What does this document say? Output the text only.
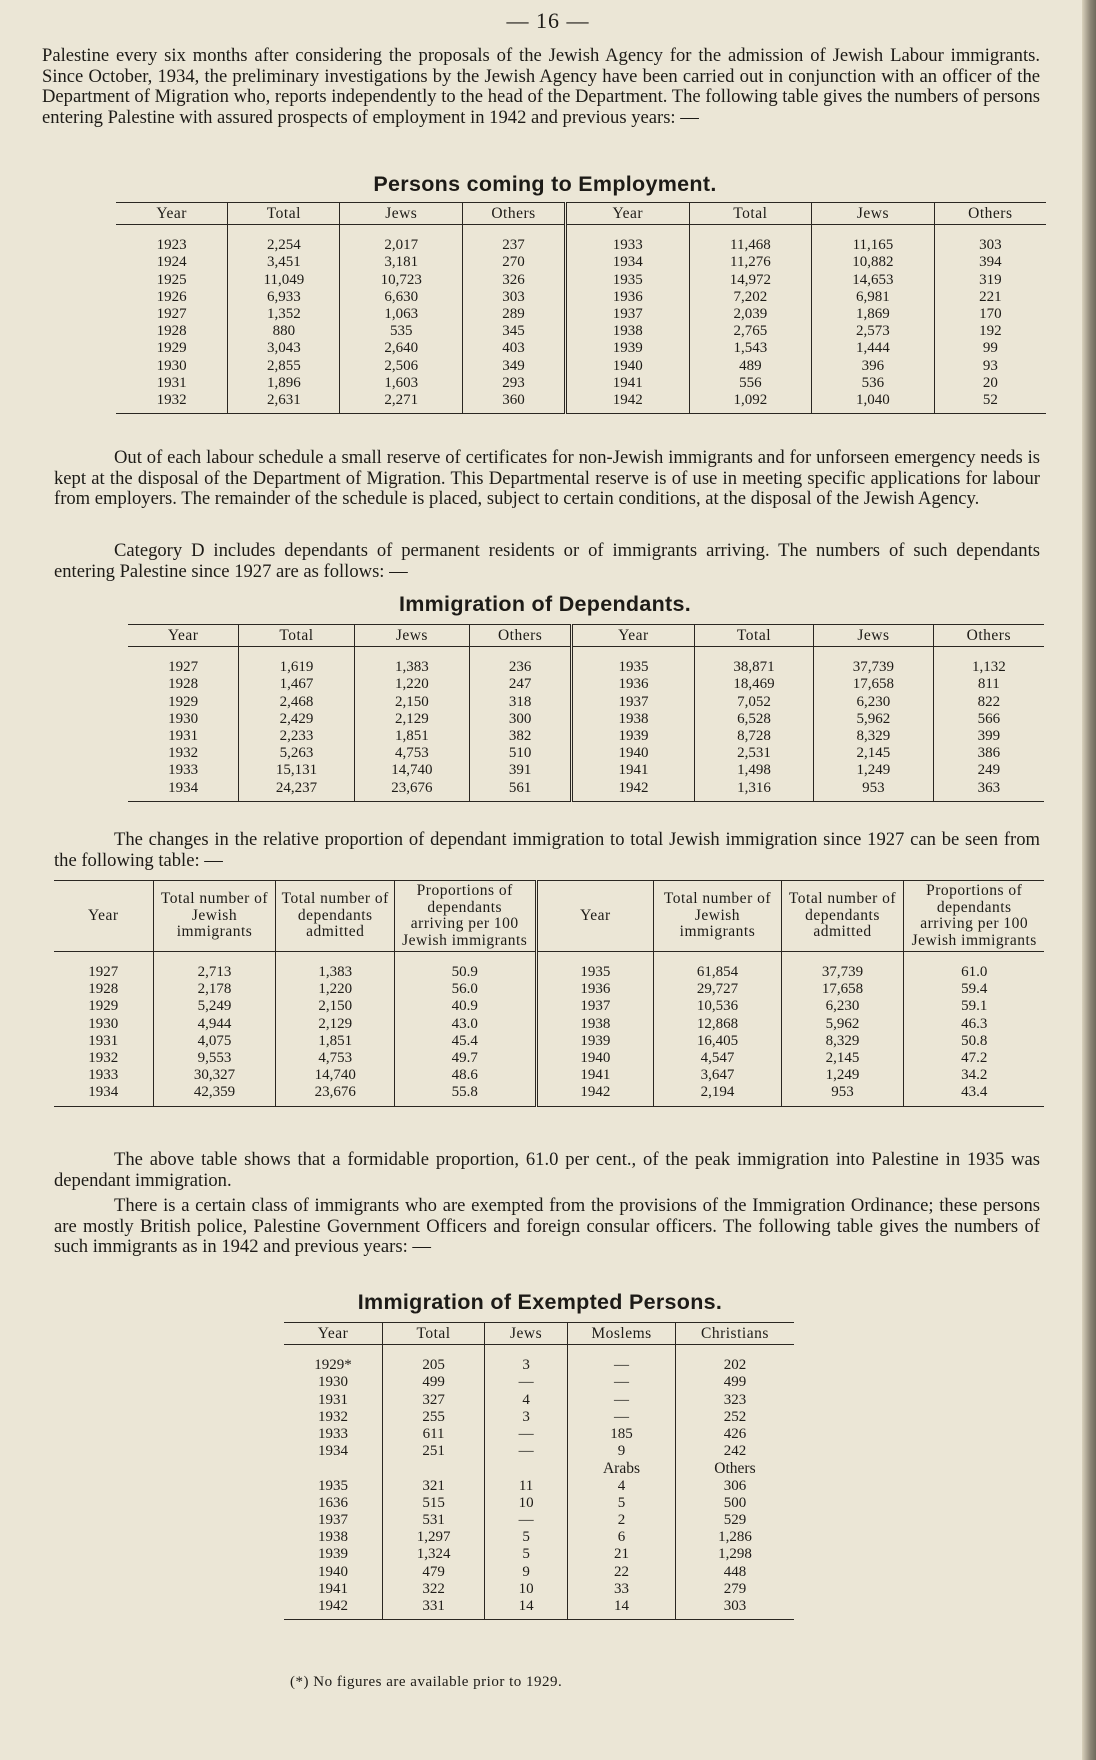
— 16 —

Palestine every six months after considering the proposals of the Jewish Agency for the admission of Jewish Labour immigrants. Since October, 1934, the preliminary investigations by the Jewish Agency have been carried out in conjunction with an officer of the Department of Migration who, reports independently to the head of the Department. The following table gives the numbers of persons entering Palestine with assured prospects of employment in 1942 and previous years: —

Persons coming to Employment.
Year	Total	Jews	Others	Year	Total	Jews	Others
1923	2,254	2,017	237	1933	11,468	11,165	303
1924	3,451	3,181	270	1934	11,276	10,882	394
1925	11,049	10,723	326	1935	14,972	14,653	319
1926	6,933	6,630	303	1936	7,202	6,981	221
1927	1,352	1,063	289	1937	2,039	1,869	170
1928	880	535	345	1938	2,765	2,573	192
1929	3,043	2,640	403	1939	1,543	1,444	99
1930	2,855	2,506	349	1940	489	396	93
1931	1,896	1,603	293	1941	556	536	20
1932	2,631	2,271	360	1942	1,092	1,040	52

Out of each labour schedule a small reserve of certificates for non-Jewish immigrants and for unforseen emergency needs is kept at the disposal of the Department of Migration. This Departmental reserve is of use in meeting specific applications for labour from employers. The remainder of the schedule is placed, subject to certain conditions, at the disposal of the Jewish Agency.

Category D includes dependants of permanent residents or of immigrants arriving. The numbers of such dependants entering Palestine since 1927 are as follows: —

Immigration of Dependants.
Year	Total	Jews	Others	Year	Total	Jews	Others
1927	1,619	1,383	236	1935	38,871	37,739	1,132
1928	1,467	1,220	247	1936	18,469	17,658	811
1929	2,468	2,150	318	1937	7,052	6,230	822
1930	2,429	2,129	300	1938	6,528	5,962	566
1931	2,233	1,851	382	1939	8,728	8,329	399
1932	5,263	4,753	510	1940	2,531	2,145	386
1933	15,131	14,740	391	1941	1,498	1,249	249
1934	24,237	23,676	561	1942	1,316	953	363

The changes in the relative proportion of dependant immigration to total Jewish immigration since 1927 can be seen from the following table: —

Year	Total number of Jewish immigrants	Total number of dependants admitted	Proportions of dependants arriving per 100 Jewish immigrants	Year	Total number of Jewish immigrants	Total number of dependants admitted	Proportions of dependants arriving per 100 Jewish immigrants
1927	2,713	1,383	50.9	1935	61,854	37,739	61.0
1928	2,178	1,220	56.0	1936	29,727	17,658	59.4
1929	5,249	2,150	40.9	1937	10,536	6,230	59.1
1930	4,944	2,129	43.0	1938	12,868	5,962	46.3
1931	4,075	1,851	45.4	1939	16,405	8,329	50.8
1932	9,553	4,753	49.7	1940	4,547	2,145	47.2
1933	30,327	14,740	48.6	1941	3,647	1,249	34.2
1934	42,359	23,676	55.8	1942	2,194	953	43.4

The above table shows that a formidable proportion, 61.0 per cent., of the peak immigration into Palestine in 1935 was dependant immigration.

There is a certain class of immigrants who are exempted from the provisions of the Immigration Ordinance; these persons are mostly British police, Palestine Government Officers and foreign consular officers. The following table gives the numbers of such immigrants as in 1942 and previous years: —

Immigration of Exempted Persons.
Year	Total	Jews	Moslems	Christians
1929*	205	3	—	202
1930	499	—	—	499
1931	327	4	—	323
1932	255	3	—	252
1933	611	—	185	426
1934	251	—	9	242
			Arabs	Others
1935	321	11	4	306
1636	515	10	5	500
1937	531	—	2	529
1938	1,297	5	6	1,286
1939	1,324	5	21	1,298
1940	479	9	22	448
1941	322	10	33	279
1942	331	14	14	303
(*) No figures are available prior to 1929.
